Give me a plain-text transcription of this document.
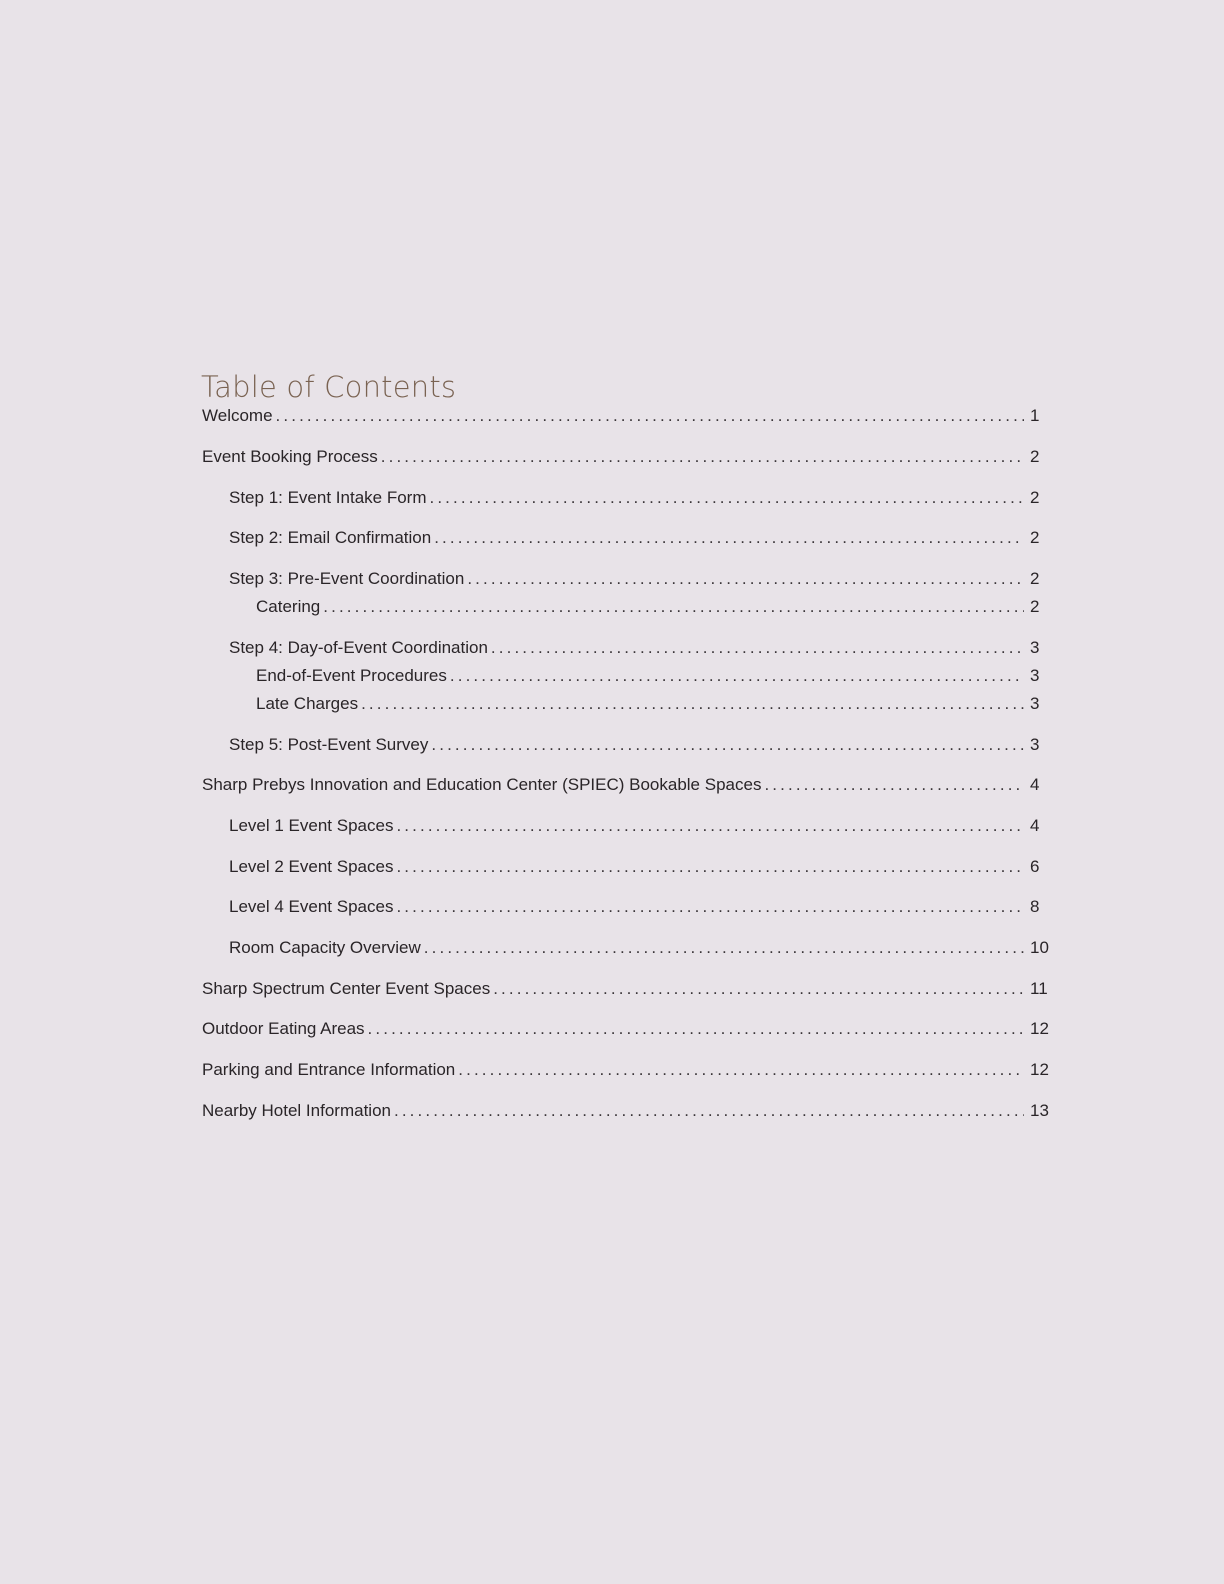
Table of Contents
Welcome . . .	1
Event Booking Process . . .	2
Step 1: Event Intake Form . . .	2
Step 2: Email Confirmation . . .	2
Step 3: Pre-Event Coordination . . .	2
Catering . . .	2
Step 4: Day-of-Event Coordination . . .	3
End-of-Event Procedures . . .	3
Late Charges . . .	3
Step 5: Post-Event Survey . . .	3
Sharp Prebys Innovation and Education Center (SPIEC) Bookable Spaces . . .	4
Level 1 Event Spaces . . .	4
Level 2 Event Spaces . . .	6
Level 4 Event Spaces . . .	8
Room Capacity Overview . . .	10
Sharp Spectrum Center Event Spaces . . .	11
Outdoor Eating Areas . . .	12
Parking and Entrance Information . . .	12
Nearby Hotel Information . . .	13
